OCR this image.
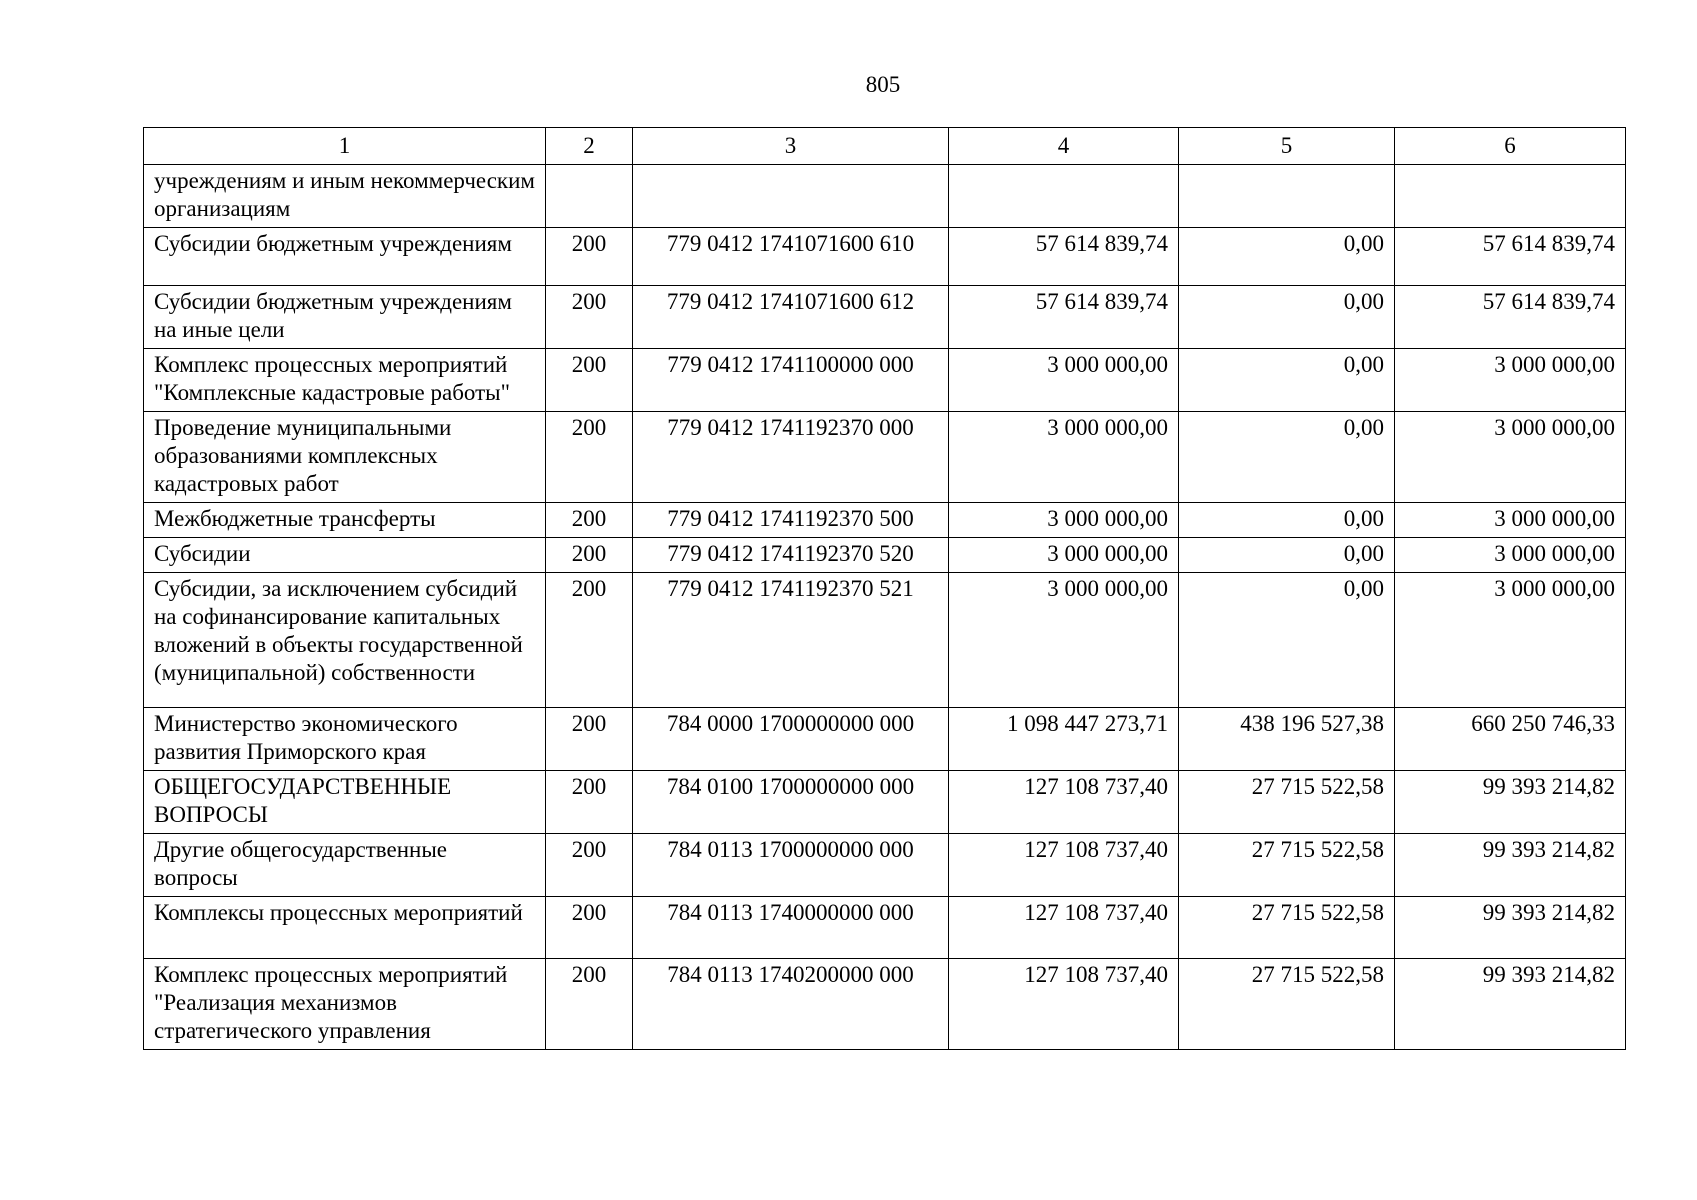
805
1	2	3	4	5	6
учреждениям и иным некоммерческим организациям					
Субсидии бюджетным учреждениям	200	779 0412 1741071600 610	57 614 839,74	0,00	57 614 839,74
Субсидии бюджетным учреждениям на иные цели	200	779 0412 1741071600 612	57 614 839,74	0,00	57 614 839,74
Комплекс процессных мероприятий "Комплексные кадастровые работы"	200	779 0412 1741100000 000	3 000 000,00	0,00	3 000 000,00
Проведение муниципальными образованиями комплексных кадастровых работ	200	779 0412 1741192370 000	3 000 000,00	0,00	3 000 000,00
Межбюджетные трансферты	200	779 0412 1741192370 500	3 000 000,00	0,00	3 000 000,00
Субсидии	200	779 0412 1741192370 520	3 000 000,00	0,00	3 000 000,00
Субсидии, за исключением субсидий на софинансирование капитальных вложений в объекты государственной (муниципальной) собственности	200	779 0412 1741192370 521	3 000 000,00	0,00	3 000 000,00
Министерство экономического развития Приморского края	200	784 0000 1700000000 000	1 098 447 273,71	438 196 527,38	660 250 746,33
ОБЩЕГОСУДАРСТВЕННЫЕ ВОПРОСЫ	200	784 0100 1700000000 000	127 108 737,40	27 715 522,58	99 393 214,82
Другие общегосударственные вопросы	200	784 0113 1700000000 000	127 108 737,40	27 715 522,58	99 393 214,82
Комплексы процессных мероприятий	200	784 0113 1740000000 000	127 108 737,40	27 715 522,58	99 393 214,82
Комплекс процессных мероприятий "Реализация механизмов стратегического управления	200	784 0113 1740200000 000	127 108 737,40	27 715 522,58	99 393 214,82
